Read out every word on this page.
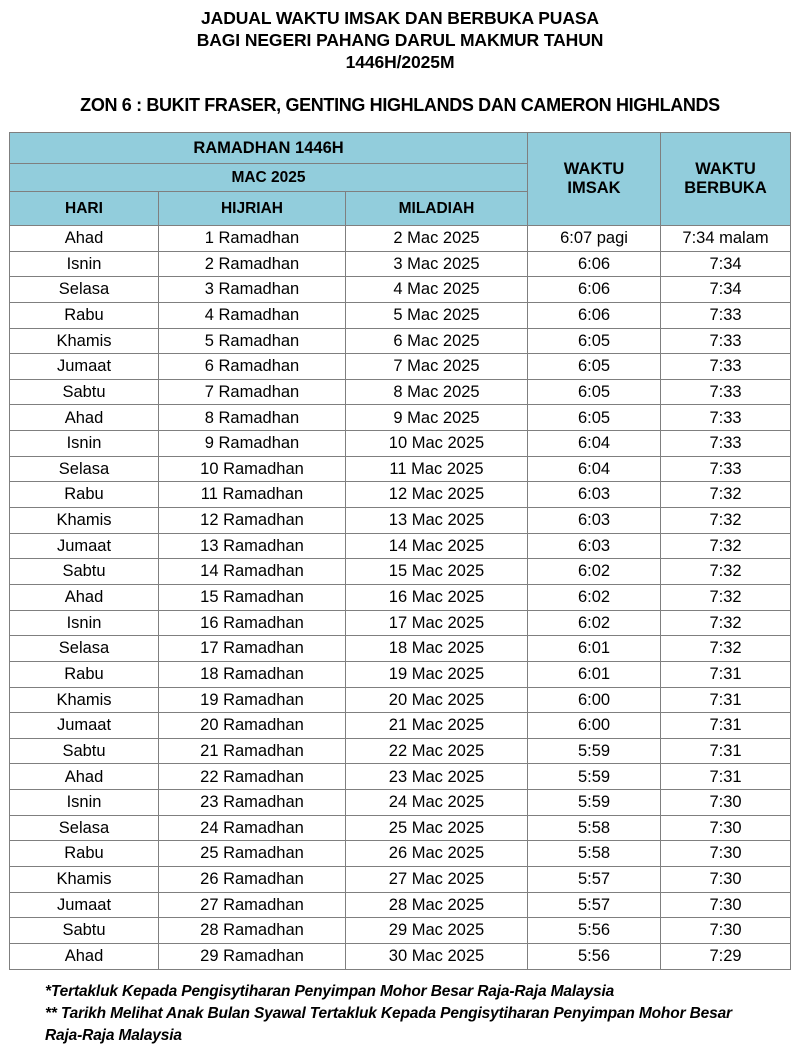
JADUAL WAKTU IMSAK DAN BERBUKA PUASA
BAGI NEGERI PAHANG DARUL MAKMUR TAHUN
1446H/2025M
ZON 6 : BUKIT FRASER, GENTING HIGHLANDS DAN CAMERON HIGHLANDS
RAMADHAN 1446H	
WAKTU
IMSAK

WAKTU
BERBUKA

MAC 2025				
HARI	HIJRIAH	MILADIAH		
Ahad	1 Ramadhan	2 Mac 2025	6:07 pagi	7:34 malam
Isnin	2 Ramadhan	3 Mac 2025	6:06	7:34
Selasa	3 Ramadhan	4 Mac 2025	6:06	7:34
Rabu	4 Ramadhan	5 Mac 2025	6:06	7:33
Khamis	5 Ramadhan	6 Mac 2025	6:05	7:33
Jumaat	6 Ramadhan	7 Mac 2025	6:05	7:33
Sabtu	7 Ramadhan	8 Mac 2025	6:05	7:33
Ahad	8 Ramadhan	9 Mac 2025	6:05	7:33
Isnin	9 Ramadhan	10 Mac 2025	6:04	7:33
Selasa	10 Ramadhan	11 Mac 2025	6:04	7:33
Rabu	11 Ramadhan	12 Mac 2025	6:03	7:32
Khamis	12 Ramadhan	13 Mac 2025	6:03	7:32
Jumaat	13 Ramadhan	14 Mac 2025	6:03	7:32
Sabtu	14 Ramadhan	15 Mac 2025	6:02	7:32
Ahad	15 Ramadhan	16 Mac 2025	6:02	7:32
Isnin	16 Ramadhan	17 Mac 2025	6:02	7:32
Selasa	17 Ramadhan	18 Mac 2025	6:01	7:32
Rabu	18 Ramadhan	19 Mac 2025	6:01	7:31
Khamis	19 Ramadhan	20 Mac 2025	6:00	7:31
Jumaat	20 Ramadhan	21 Mac 2025	6:00	7:31
Sabtu	21 Ramadhan	22 Mac 2025	5:59	7:31
Ahad	22 Ramadhan	23 Mac 2025	5:59	7:31
Isnin	23 Ramadhan	24 Mac 2025	5:59	7:30
Selasa	24 Ramadhan	25 Mac 2025	5:58	7:30
Rabu	25 Ramadhan	26 Mac 2025	5:58	7:30
Khamis	26 Ramadhan	27 Mac 2025	5:57	7:30
Jumaat	27 Ramadhan	28 Mac 2025	5:57	7:30
Sabtu	28 Ramadhan	29 Mac 2025	5:56	7:30
Ahad	29 Ramadhan	30 Mac 2025	5:56	7:29
*Tertakluk Kepada Pengisytiharan Penyimpan Mohor Besar Raja-Raja Malaysia
** Tarikh Melihat Anak Bulan Syawal Tertakluk Kepada Pengisytiharan Penyimpan Mohor Besar Raja-Raja Malaysia
